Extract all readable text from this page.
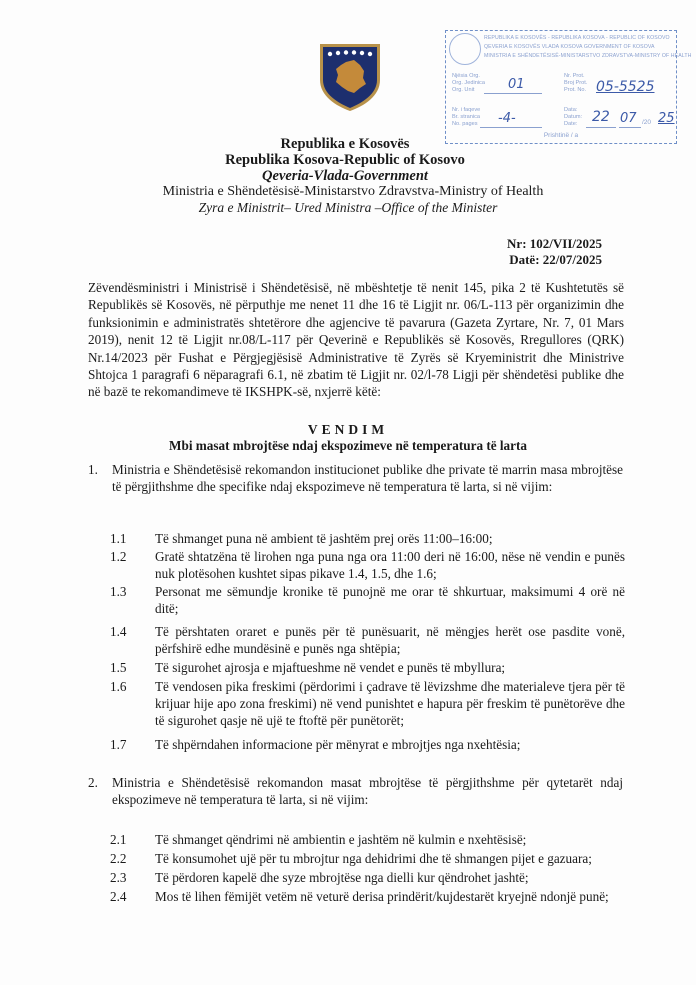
REPUBLIKA E KOSOVËS - REPUBLIKA KOSOVA - REPUBLIC OF KOSOVO
QEVERIA E KOSOVËS VLADA KOSOVA GOVERNMENT OF KOSOVA
MINISTRIA E SHËNDETËSISË-MINISTARSTVO ZDRAVSTVA-MINISTRY OF HEALTH
Njësia Org.
Org. Jedinica
Org. Unit	01
Nr. Prot.
Broj Prot.
Prot. No. 05-5525
Nr. i faqeve
Br. stranica
No. pages -4-
Data:
Datum:
Date:	22 07 /20 25
Prishtinë / a
Republika e Kosovës
Republika Kosova-Republic of Kosovo
Qeveria-Vlada-Government
Ministria e Shëndetësisë-Ministarstvo Zdravstva-Ministry of Health
Zyra e Ministrit– Ured Ministra –Office of the Minister
Nr: 102/VII/2025
Datë: 22/07/2025
Zëvendësministri i Ministrisë i Shëndetësisë, në mbështetje të nenit 145, pika 2 të Kushtetutës së Republikës së Kosovës, në përputhje me nenet 11 dhe 16 të Ligjit nr. 06/L-113 për organizimin dhe funksionimin e administratës shtetërore dhe agjencive të pavarura (Gazeta Zyrtare, Nr. 7, 01 Mars 2019), nenit 12 të Ligjit nr.08/L-117 për Qeverinë e Republikës së Kosovës, Rregullores (QRK) Nr.14/2023 për Fushat e Përgjegjësisë Administrative të Zyrës së Kryeministrit dhe Ministrive Shtojca 1 paragrafi 6 nëparagrafi 6.1, në zbatim të Ligjit nr. 02/l-78 Ligji për shëndetësi publike dhe në bazë te rekomandimeve të IKSHPK-së, nxjerrë këtë:
VENDIM
Mbi masat mbrojtëse ndaj ekspozimeve në temperatura të larta
1. Ministria e Shëndetësisë rekomandon institucionet publike dhe private të marrin masa mbrojtëse të përgjithshme dhe specifike ndaj ekspozimeve në temperatura të larta, si në vijim:
1.1 Të shmanget puna në ambient të jashtëm prej orës 11:00–16:00;
1.2 Gratë shtatzëna të lirohen nga puna nga ora 11:00 deri në 16:00, nëse në vendin e punës nuk plotësohen kushtet sipas pikave 1.4, 1.5, dhe 1.6;
1.3 Personat me sëmundje kronike të punojnë me orar të shkurtuar, maksimumi 4 orë në ditë;
1.4 Të përshtaten oraret e punës për të punësuarit, në mëngjes herët ose pasdite vonë, përfshirë edhe mundësinë e punës nga shtëpia;
1.5 Të sigurohet ajrosja e mjaftueshme në vendet e punës të mbyllura;
1.6 Të vendosen pika freskimi (përdorimi i çadrave të lëvizshme dhe materialeve tjera për të krijuar hije apo zona freskimi) në vend punishtet e hapura për freskim të punëtorëve dhe të sigurohet qasje në ujë te ftoftë për punëtorët;
1.7 Të shpërndahen informacione për mënyrat e mbrojtjes nga nxehtësia;
2. Ministria e Shëndetësisë rekomandon masat mbrojtëse të përgjithshme për qytetarët ndaj ekspozimeve në temperatura të larta, si në vijim:
2.1 Të shmanget qëndrimi në ambientin e jashtëm në kulmin e nxehtësisë;
2.2 Të konsumohet ujë për tu mbrojtur nga dehidrimi dhe të shmangen pijet e gazuara;
2.3 Të përdoren kapelë dhe syze mbrojtëse nga dielli kur qëndrohet jashtë;
2.4 Mos të lihen fëmijët vetëm në veturë derisa prindërit/kujdestarët kryejnë ndonjë punë;
